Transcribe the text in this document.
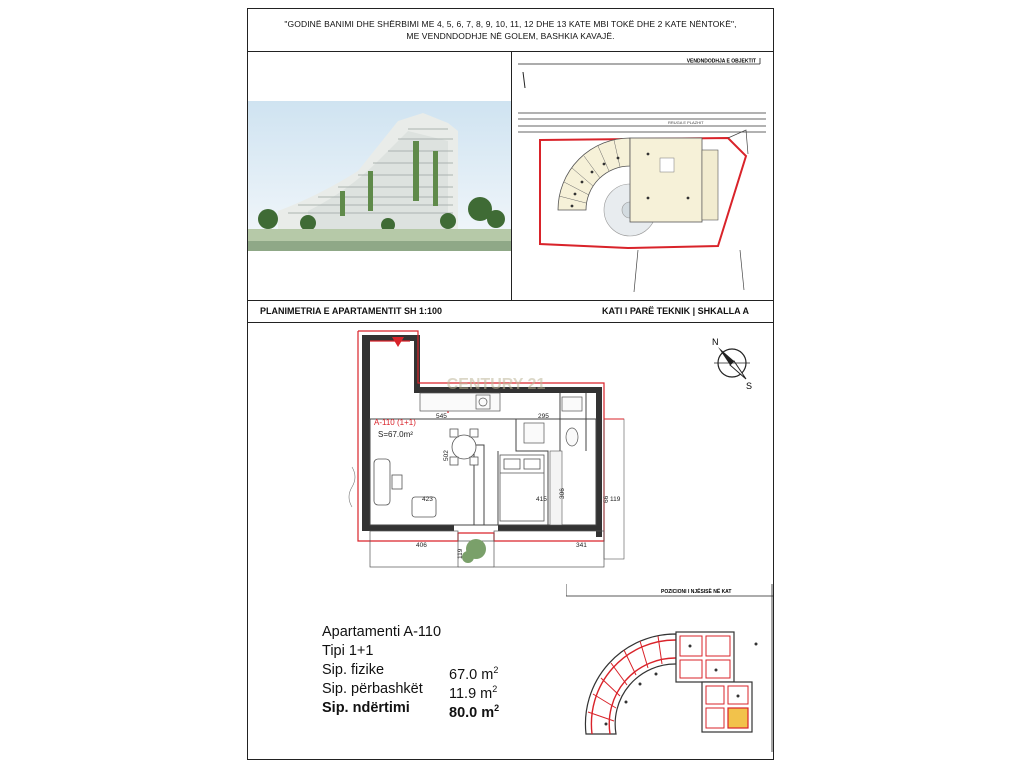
"GODINË BANIMI DHE SHËRBIMI ME 4, 5, 6, 7, 8, 9, 10, 11, 12 DHE 13 KATE MBI TOKË DHE 2 KATE NËNTOKË",
ME VENDNDODHJE NË GOLEM, BASHKIA KAVAJË.
VENDNDODHJA E OBJEKTIT
RRUGA E PLAZHIT
PLANIMETRIA E APARTAMENTIT SH 1:100	KATI I PARË TEKNIK | SHKALLA A
CENTURY 21
A-110 (1+1)
S=67.0m²
545	295
502
423	415
306
66 119
406
119
341
N
S
Apartamenti A-110
Tipi 1+1
Sip. fizike	67.0 $m^2$
Sip. përbashkët 11.9 $m^2$
Sip. ndërtimi	80.0 $m^2$
POZICIONI I NJËSISË NË KAT
